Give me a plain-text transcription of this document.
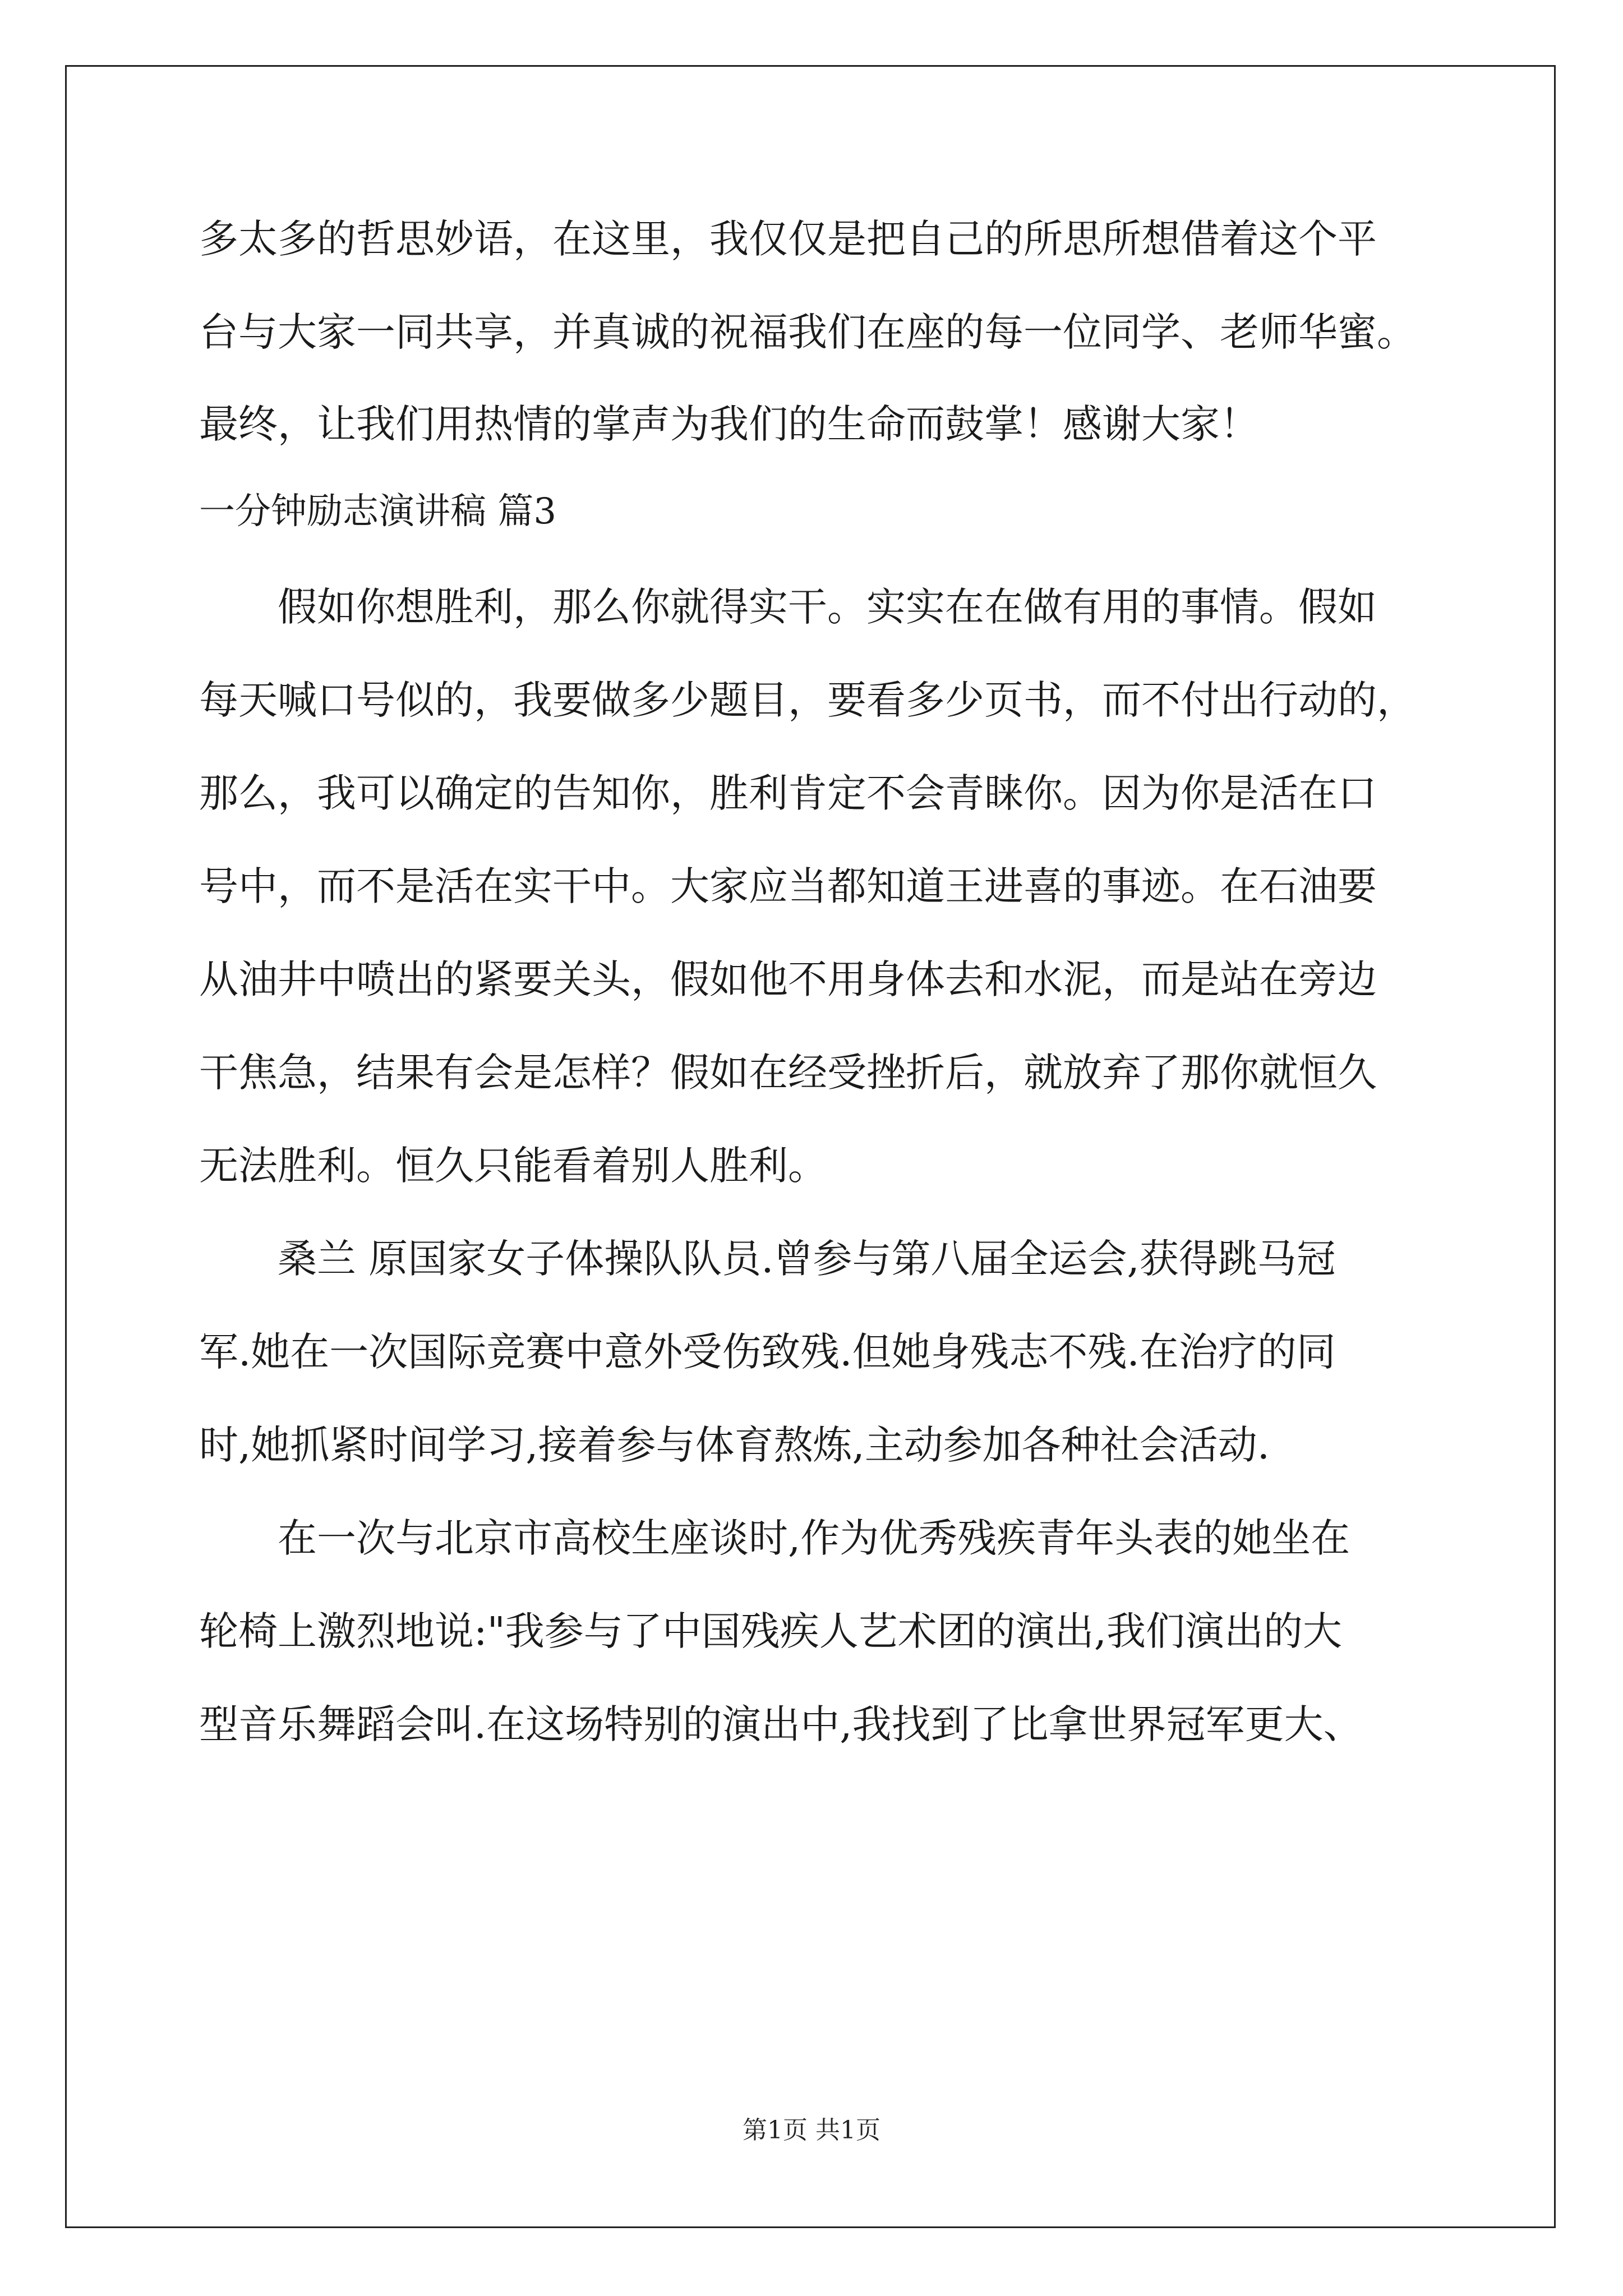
多太多的哲思妙语，在这里，我仅仅是把自己的所思所想借着这个平
台与大家一同共享，并真诚的祝福我们在座的每一位同学、老师华蜜。
最终，让我们用热情的掌声为我们的生命而鼓掌！感谢大家！
一分钟励志演讲稿 篇3
假如你想胜利，那么你就得实干。实实在在做有用的事情。假如
每天喊口号似的，我要做多少题目，要看多少页书，而不付出行动的，
那么，我可以确定的告知你，胜利肯定不会青睐你。因为你是活在口
号中，而不是活在实干中。大家应当都知道王进喜的事迹。在石油要
从油井中喷出的紧要关头，假如他不用身体去和水泥，而是站在旁边
干焦急，结果有会是怎样？假如在经受挫折后，就放弃了那你就恒久
无法胜利。恒久只能看着别人胜利。
桑兰 原国家女子体操队队员.曾参与第八届全运会,获得跳马冠
军.她在一次国际竞赛中意外受伤致残.但她身残志不残.在治疗的同
时,她抓紧时间学习,接着参与体育熬炼,主动参加各种社会活动.
在一次与北京市高校生座谈时,作为优秀残疾青年头表的她坐在
轮椅上激烈地说:"我参与了中国残疾人艺术团的演出,我们演出的大
型音乐舞蹈会叫.在这场特别的演出中,我找到了比拿世界冠军更大、
第1页 共1页
